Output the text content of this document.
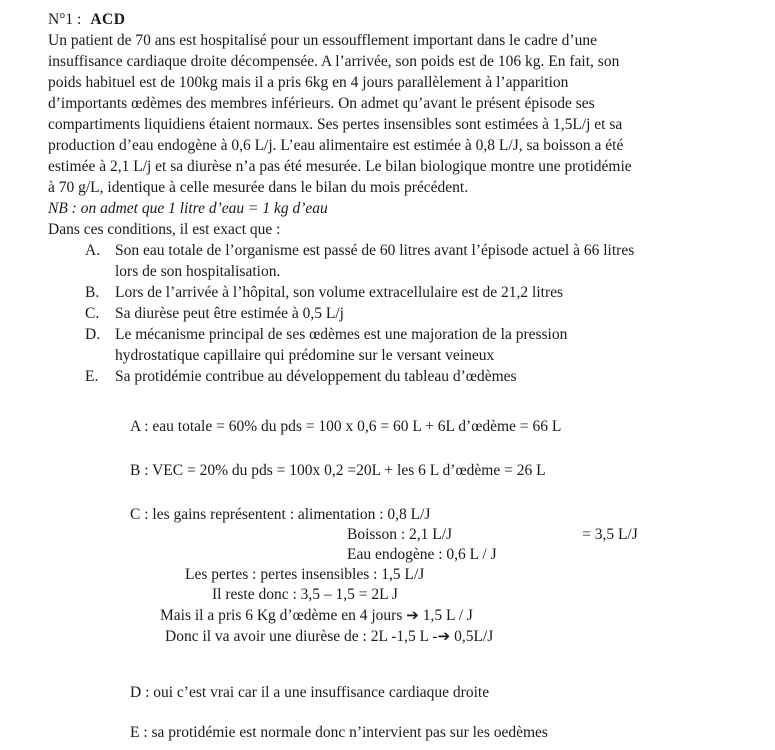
N°1 : ACD
Un patient de 70 ans est hospitalisé pour un essoufflement important dans le cadre d’une
insuffisance cardiaque droite décompensée. A l’arrivée, son poids est de 106 kg. En fait, son
poids habituel est de 100kg mais il a pris 6kg en 4 jours parallèlement à l’apparition
d’importants œdèmes des membres inférieurs. On admet qu’avant le présent épisode ses
compartiments liquidiens étaient normaux. Ses pertes insensibles sont estimées à 1,5L/j et sa
production d’eau endogène à 0,6 L/j. L’eau alimentaire est estimée à 0,8 L/J, sa boisson a été
estimée à 2,1 L/j et sa diurèse n’a pas été mesurée. Le bilan biologique montre une protidémie
à 70 g/L, identique à celle mesurée dans le bilan du mois précédent.
NB : on admet que 1 litre d’eau = 1 kg d’eau
Dans ces conditions, il est exact que :
A. Son eau totale de l’organisme est passé de 60 litres avant l’épisode actuel à 66 litres
lors de son hospitalisation.
B.	Lors de l’arrivée à l’hôpital, son volume extracellulaire est de 21,2 litres
C.	Sa diurèse peut être estimée à 0,5 L/j
D. Le mécanisme principal de ses œdèmes est une majoration de la pression
hydrostatique capillaire qui prédomine sur le versant veineux
E.	Sa protidémie contribue au développement du tableau d’œdèmes
A : eau totale = 60% du pds = 100 x 0,6 = 60 L + 6L d’œdème = 66 L
B : VEC = 20% du pds = 100x 0,2 =20L + les 6 L d’œdème = 26 L
C : les gains représentent : alimentation : 0,8 L/J
Boisson : 2,1 L/J	= 3,5 L/J
Eau endogène : 0,6 L / J
Les pertes : pertes insensibles : 1,5 L/J
Il reste donc : 3,5 – 1,5 = 2L J
Mais il a pris 6 Kg d’œdème en 4 jours ➔ 1,5 L / J
Donc il va avoir une diurèse de : 2L -1,5 L -➔ 0,5L/J
D : oui c’est vrai car il a une insuffisance cardiaque droite
E : sa protidémie est normale donc n’intervient pas sur les oedèmes
